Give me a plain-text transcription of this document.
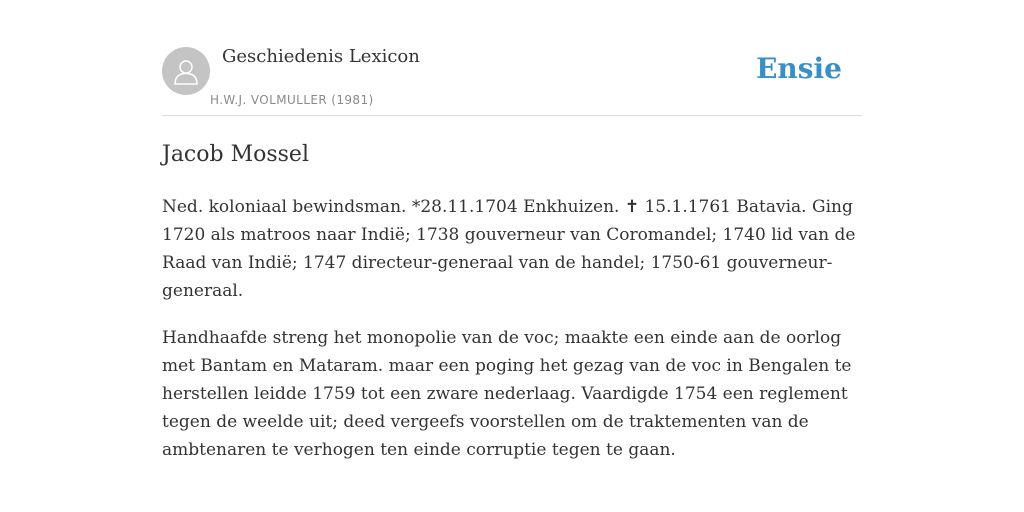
Geschiedenis Lexicon
H.W.J. VOLMULLER (1981)
Ensie
Jacob Mossel

Ned. koloniaal bewindsman. *28.11.1704 Enkhuizen. ✝ 15.1.1761 Batavia. Ging 1720 als matroos naar Indië; 1738 gouverneur van Coromandel; 1740 lid van de Raad van Indië; 1747 directeur-generaal van de handel; 1750-61 gouverneur-generaal.

Handhaafde streng het monopolie van de voc; maakte een einde aan de oorlog met Bantam en Mataram. maar een poging het gezag van de voc in Bengalen te herstellen leidde 1759 tot een zware nederlaag. Vaardigde 1754 een reglement tegen de weelde uit; deed vergeefs voorstellen om de traktementen van de ambtenaren te verhogen ten einde corruptie tegen te gaan.
